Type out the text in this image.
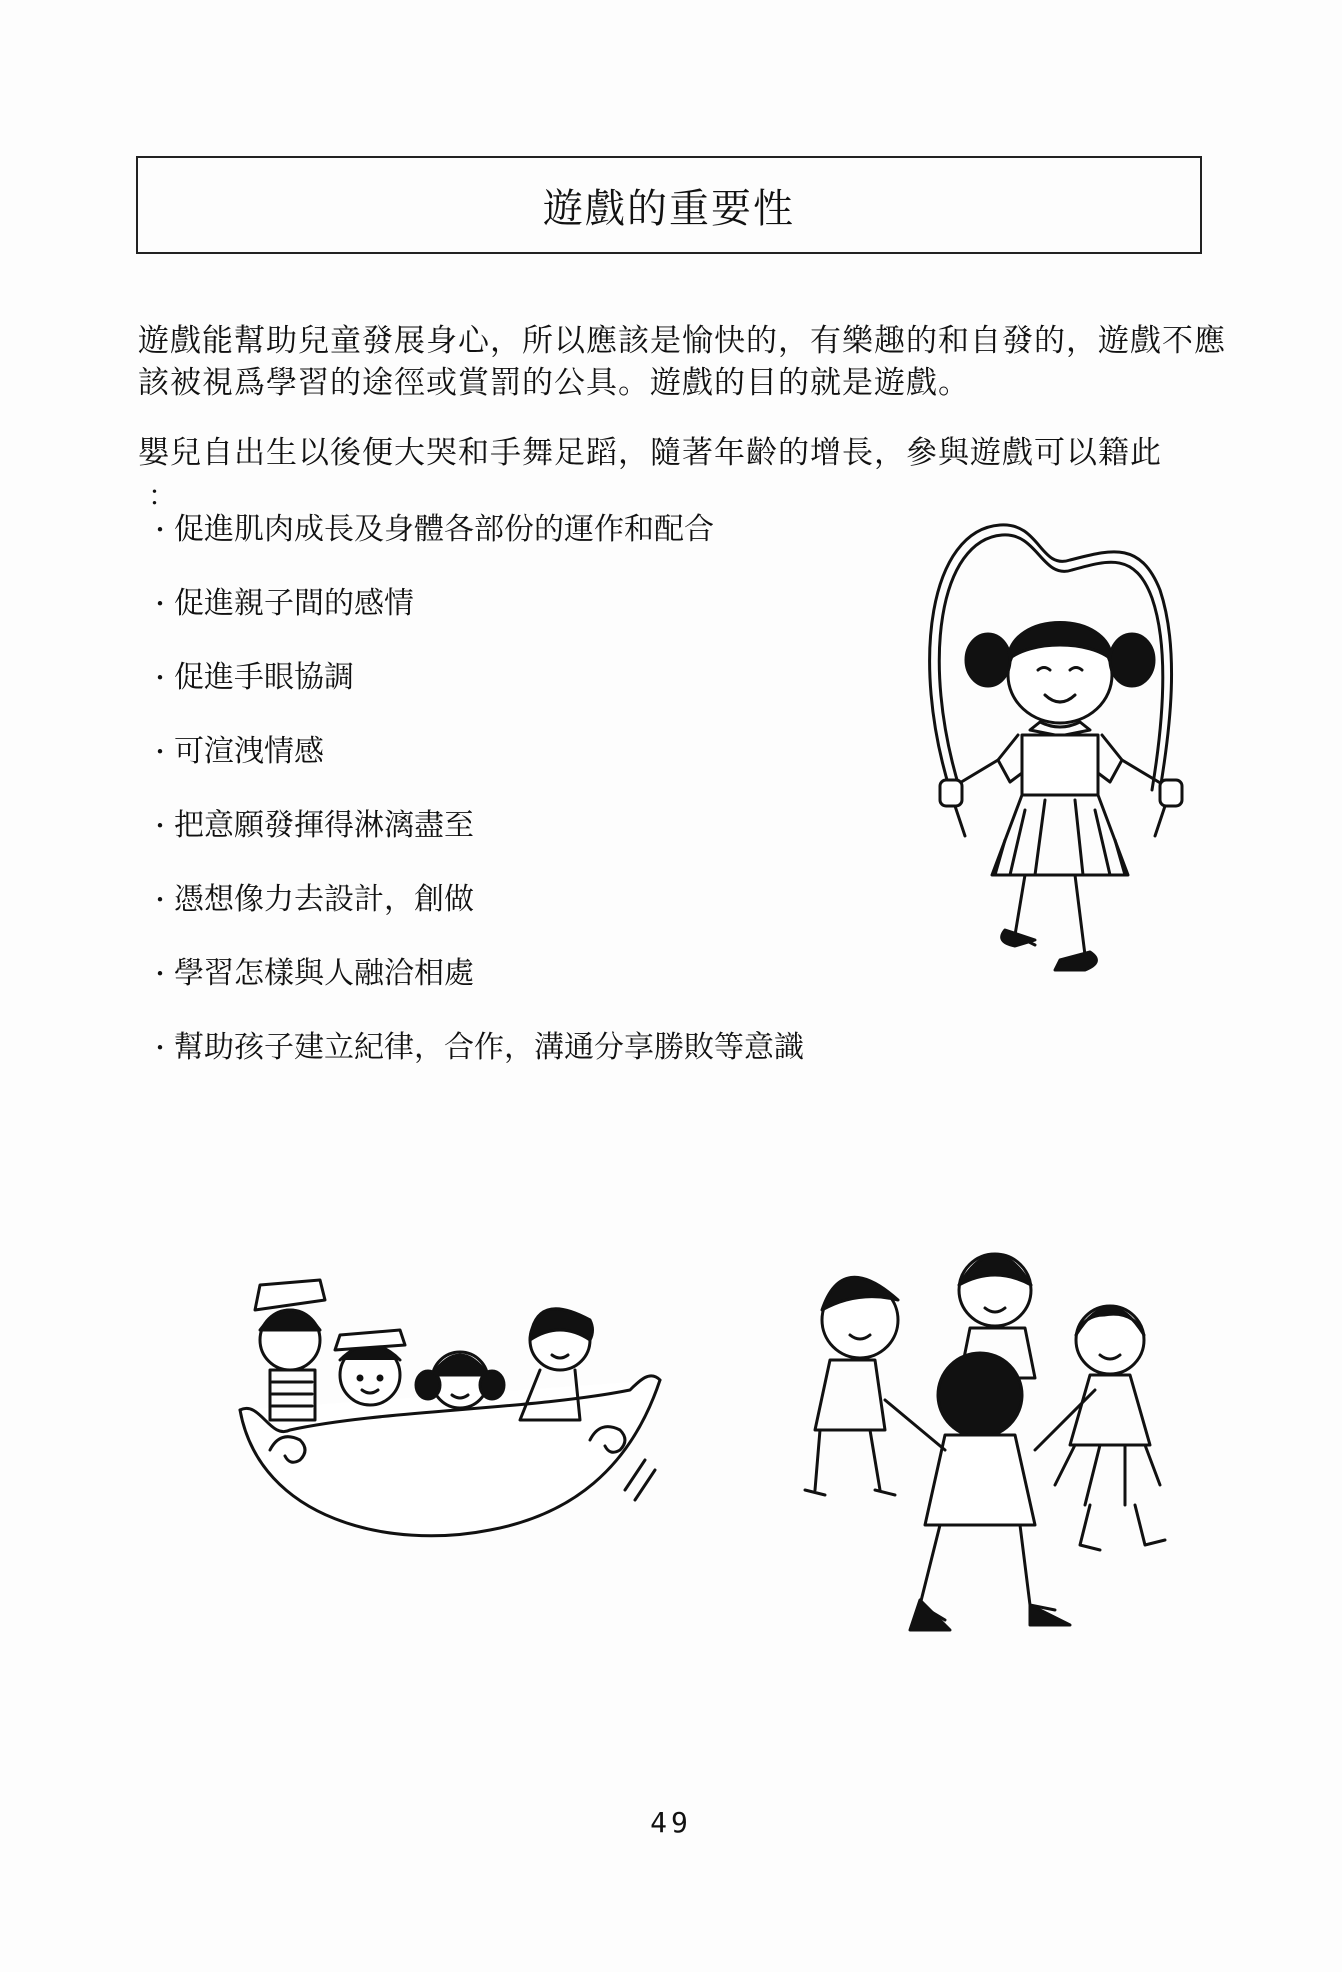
遊戲的重要性
遊戲能幫助兒童發展身心，所以應該是愉快的，有樂趣的和自發的，遊戲不應該被視爲學習的途徑或賞罰的公具。遊戲的目的就是遊戲。
嬰兒自出生以後便大哭和手舞足蹈，隨著年齡的增長，參與遊戲可以籍此
：
・ 促進肌肉成長及身體各部份的運作和配合
・ 促進親子間的感情
・ 促進手眼協調
・ 可渲洩情感
・ 把意願發揮得淋漓盡至
・ 憑想像力去設計，創做
・ 學習怎樣與人融洽相處
・ 幫助孩子建立紀律，合作，溝通分享勝敗等意識
49
